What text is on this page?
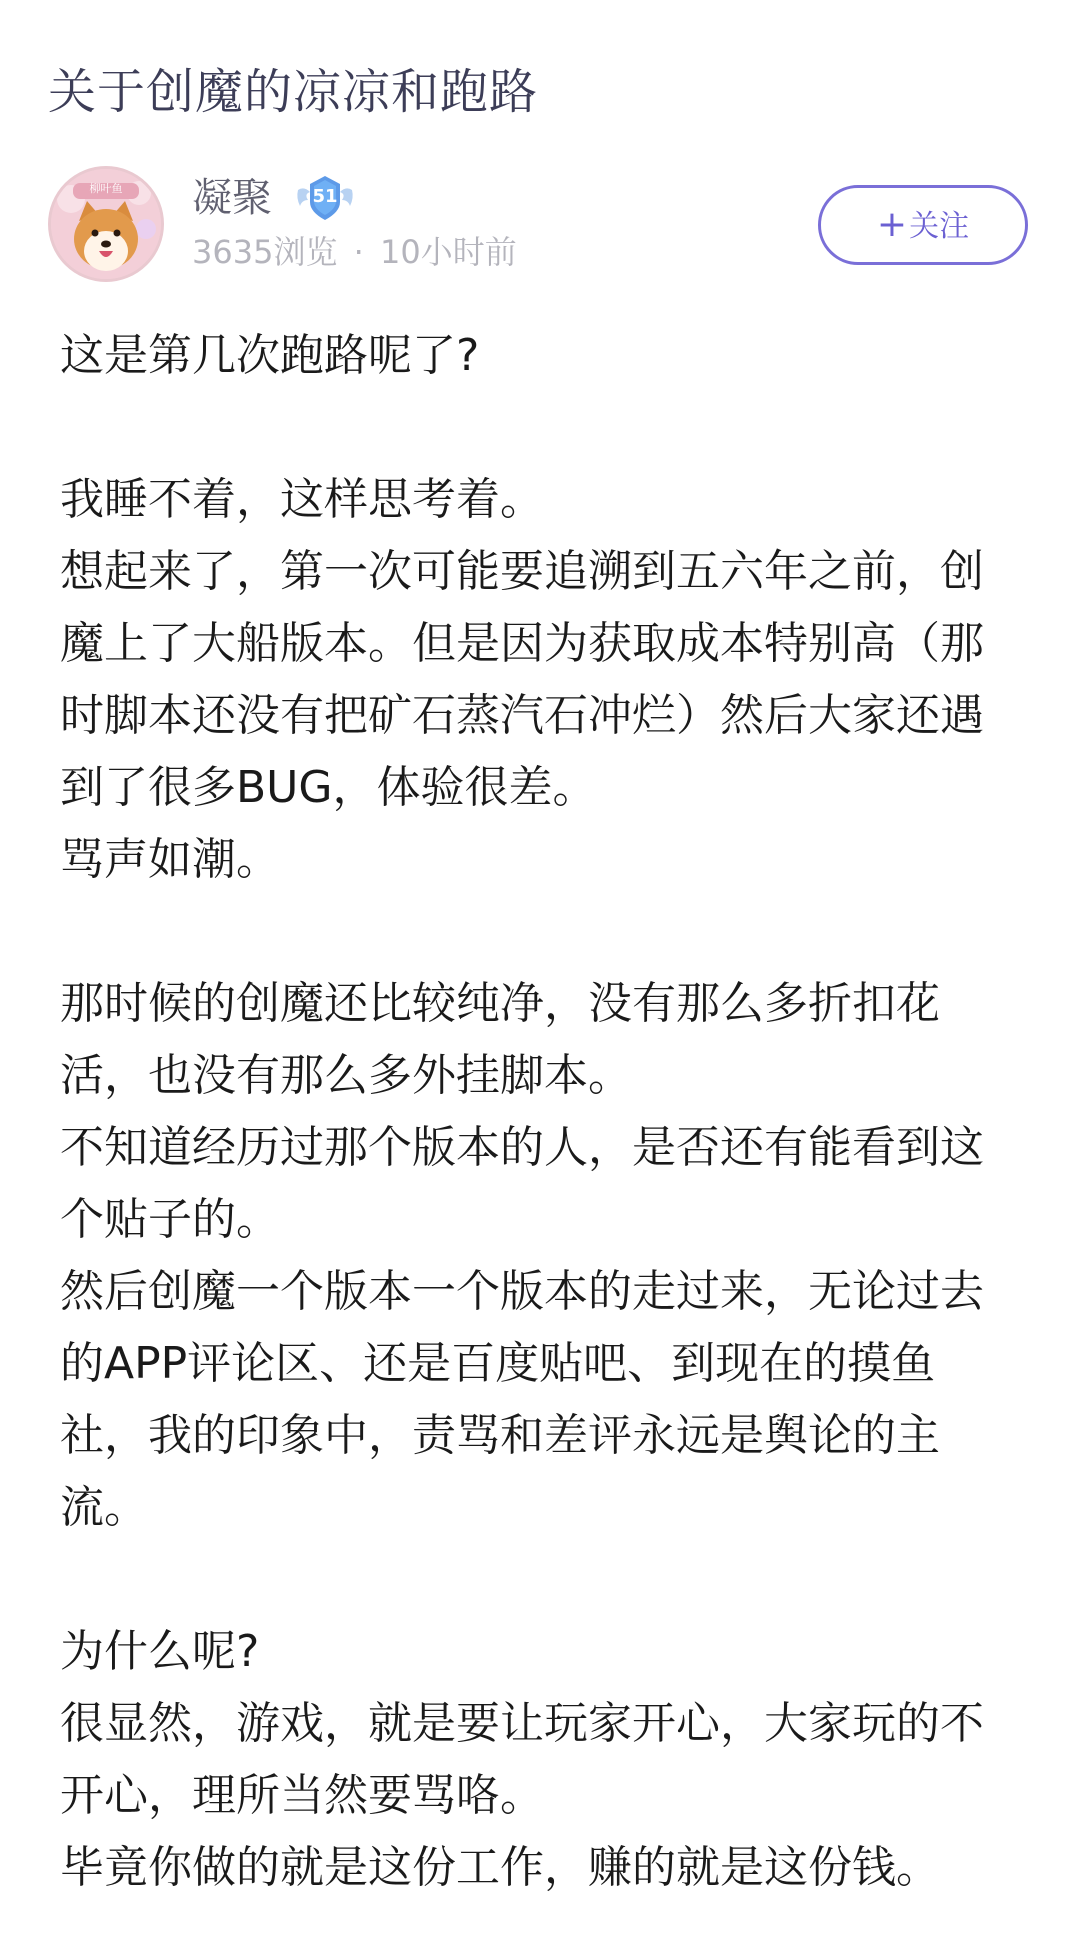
关于创魔的凉凉和跑路
柳叶鱼	凝聚	51
3635浏览 · 10小时前
+关注

这是第几次跑路呢了?

我睡不着，这样思考着。

想起来了，第一次可能要追溯到五六年之前，创魔上了大船版本。但是因为获取成本特别高（那时脚本还没有把矿石蒸汽石冲烂）然后大家还遇到了很多BUG，体验很差。

骂声如潮。

那时候的创魔还比较纯净，没有那么多折扣花活，也没有那么多外挂脚本。

不知道经历过那个版本的人，是否还有能看到这个贴子的。

然后创魔一个版本一个版本的走过来，无论过去的APP评论区、还是百度贴吧、到现在的摸鱼社，我的印象中，责骂和差评永远是舆论的主流。

为什么呢?

很显然，游戏，就是要让玩家开心，大家玩的不开心，理所当然要骂咯。

毕竟你做的就是这份工作，赚的就是这份钱。
